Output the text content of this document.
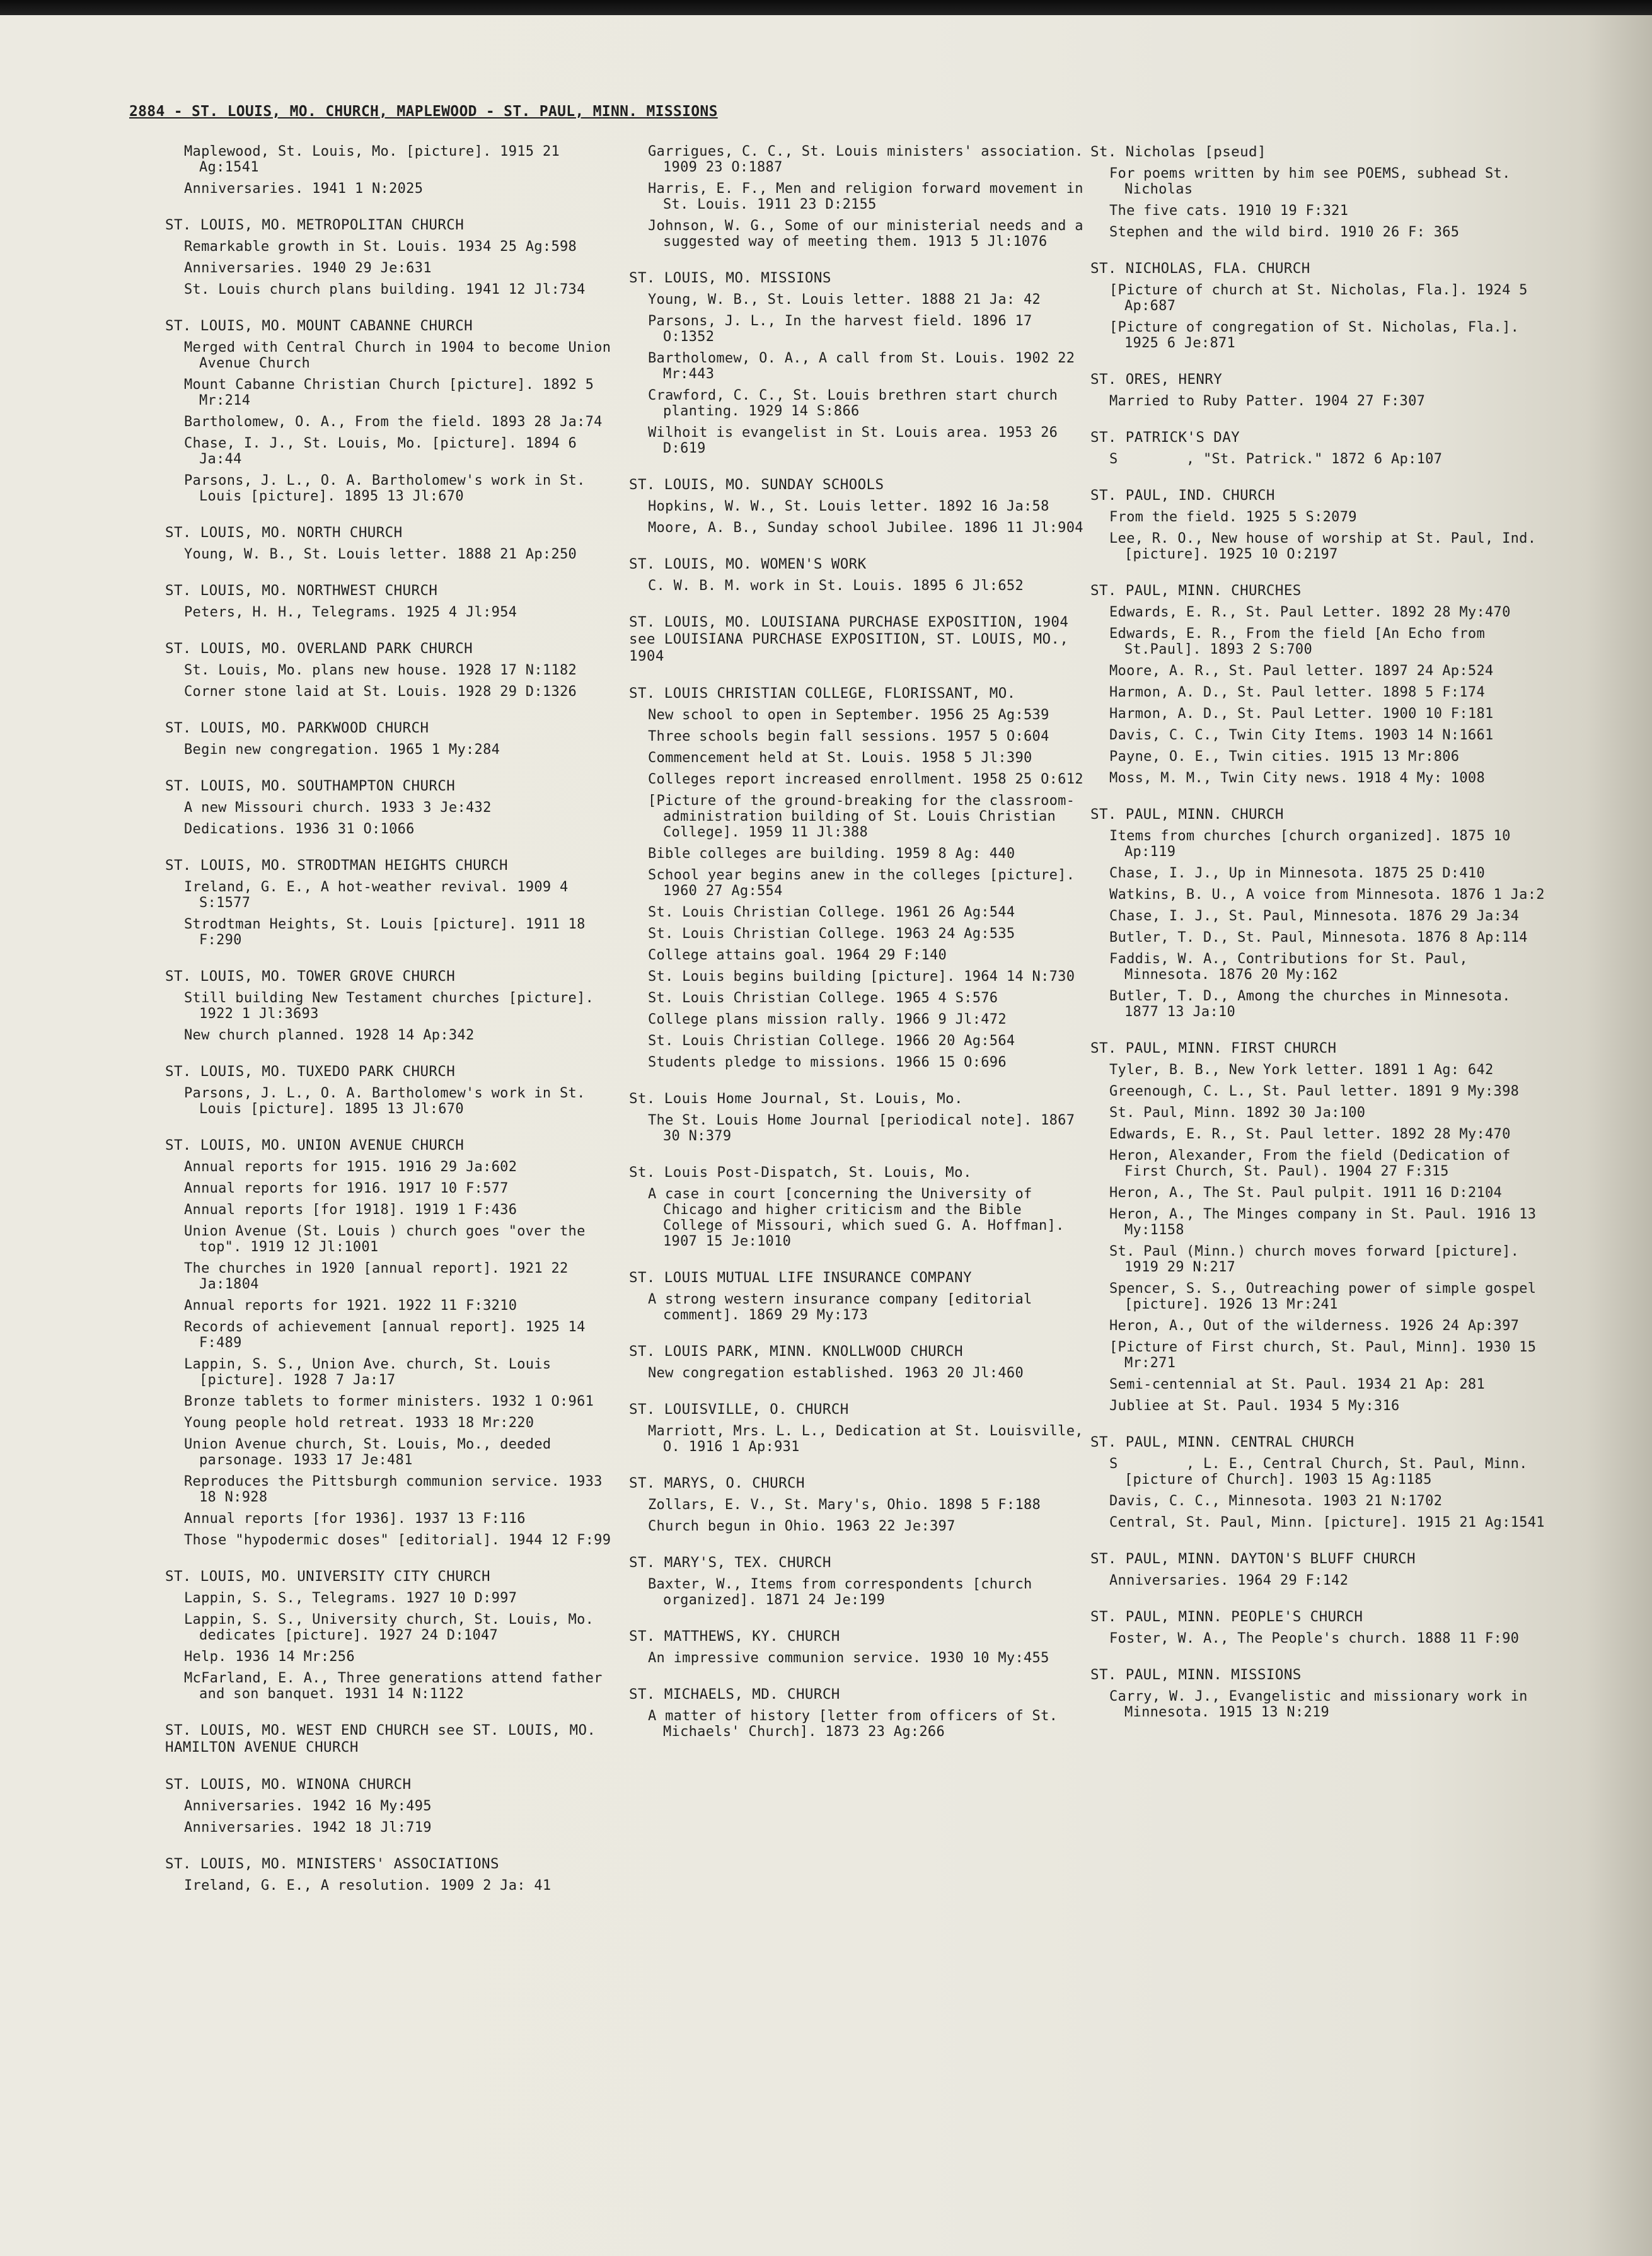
2884 - ST. LOUIS, MO. CHURCH, MAPLEWOOD - ST. PAUL, MINN. MISSIONS
Maplewood, St. Louis, Mo. [picture]. 1915 21 Ag:1541
Anniversaries. 1941 1 N:2025
ST. LOUIS, MO. METROPOLITAN CHURCH
Remarkable growth in St. Louis. 1934 25 Ag:598
Anniversaries. 1940 29 Je:631
St. Louis church plans building. 1941 12 Jl:734
ST. LOUIS, MO. MOUNT CABANNE CHURCH
Merged with Central Church in 1904 to become Union Avenue Church
Mount Cabanne Christian Church [picture]. 1892 5 Mr:214
Bartholomew, O. A., From the field. 1893 28 Ja:74
Chase, I. J., St. Louis, Mo. [picture]. 1894 6 Ja:44
Parsons, J. L., O. A. Bartholomew's work in St. Louis [picture]. 1895 13 Jl:670
ST. LOUIS, MO. NORTH CHURCH
Young, W. B., St. Louis letter. 1888 21 Ap:250
ST. LOUIS, MO. NORTHWEST CHURCH
Peters, H. H., Telegrams. 1925 4 Jl:954
ST. LOUIS, MO. OVERLAND PARK CHURCH
St. Louis, Mo. plans new house. 1928 17 N:1182
Corner stone laid at St. Louis. 1928 29 D:1326
ST. LOUIS, MO. PARKWOOD CHURCH
Begin new congregation. 1965 1 My:284
ST. LOUIS, MO. SOUTHAMPTON CHURCH
A new Missouri church. 1933 3 Je:432
Dedications. 1936 31 O:1066
ST. LOUIS, MO. STRODTMAN HEIGHTS CHURCH
Ireland, G. E., A hot-weather revival. 1909 4 S:1577
Strodtman Heights, St. Louis [picture]. 1911 18 F:290
ST. LOUIS, MO. TOWER GROVE CHURCH
Still building New Testament churches [picture]. 1922 1 Jl:3693
New church planned. 1928 14 Ap:342
ST. LOUIS, MO. TUXEDO PARK CHURCH
Parsons, J. L., O. A. Bartholomew's work in St. Louis [picture]. 1895 13 Jl:670
ST. LOUIS, MO. UNION AVENUE CHURCH
Annual reports for 1915. 1916 29 Ja:602
Annual reports for 1916. 1917 10 F:577
Annual reports [for 1918]. 1919 1 F:436
Union Avenue (St. Louis ) church goes "over the top". 1919 12 Jl:1001
The churches in 1920 [annual report]. 1921 22 Ja:1804
Annual reports for 1921. 1922 11 F:3210
Records of achievement [annual report]. 1925 14 F:489
Lappin, S. S., Union Ave. church, St. Louis [picture]. 1928 7 Ja:17
Bronze tablets to former ministers. 1932 1 O:961
Young people hold retreat. 1933 18 Mr:220
Union Avenue church, St. Louis, Mo., deeded parsonage. 1933 17 Je:481
Reproduces the Pittsburgh communion service. 1933 18 N:928
Annual reports [for 1936]. 1937 13 F:116
Those "hypodermic doses" [editorial]. 1944 12 F:99
ST. LOUIS, MO. UNIVERSITY CITY CHURCH
Lappin, S. S., Telegrams. 1927 10 D:997
Lappin, S. S., University church, St. Louis, Mo. dedicates [picture]. 1927 24 D:1047
Help. 1936 14 Mr:256
McFarland, E. A., Three generations attend father and son banquet. 1931 14 N:1122
ST. LOUIS, MO. WEST END CHURCH see ST. LOUIS, MO. HAMILTON AVENUE CHURCH
ST. LOUIS, MO. WINONA CHURCH
Anniversaries. 1942 16 My:495
Anniversaries. 1942 18 Jl:719
ST. LOUIS, MO. MINISTERS' ASSOCIATIONS
Ireland, G. E., A resolution. 1909 2 Ja: 41
Garrigues, C. C., St. Louis ministers' association. 1909 23 O:1887
Harris, E. F., Men and religion forward movement in St. Louis. 1911 23 D:2155
Johnson, W. G., Some of our ministerial needs and a suggested way of meeting them. 1913 5 Jl:1076
ST. LOUIS, MO. MISSIONS
Young, W. B., St. Louis letter. 1888 21 Ja: 42
Parsons, J. L., In the harvest field. 1896 17 O:1352
Bartholomew, O. A., A call from St. Louis. 1902 22 Mr:443
Crawford, C. C., St. Louis brethren start church planting. 1929 14 S:866
Wilhoit is evangelist in St. Louis area. 1953 26 D:619
ST. LOUIS, MO. SUNDAY SCHOOLS
Hopkins, W. W., St. Louis letter. 1892 16 Ja:58
Moore, A. B., Sunday school Jubilee. 1896 11 Jl:904
ST. LOUIS, MO. WOMEN'S WORK
C. W. B. M. work in St. Louis. 1895 6 Jl:652
ST. LOUIS, MO. LOUISIANA PURCHASE EXPOSITION, 1904 see LOUISIANA PURCHASE EXPOSITION, ST. LOUIS, MO., 1904
ST. LOUIS CHRISTIAN COLLEGE, FLORISSANT, MO.
New school to open in September. 1956 25 Ag:539
Three schools begin fall sessions. 1957 5 O:604
Commencement held at St. Louis. 1958 5 Jl:390
Colleges report increased enrollment. 1958 25 O:612
[Picture of the ground-breaking for the classroom-administration building of St. Louis Christian College]. 1959 11 Jl:388
Bible colleges are building. 1959 8 Ag: 440
School year begins anew in the colleges [picture]. 1960 27 Ag:554
St. Louis Christian College. 1961 26 Ag:544
St. Louis Christian College. 1963 24 Ag:535
College attains goal. 1964 29 F:140
St. Louis begins building [picture]. 1964 14 N:730
St. Louis Christian College. 1965 4 S:576
College plans mission rally. 1966 9 Jl:472
St. Louis Christian College. 1966 20 Ag:564
Students pledge to missions. 1966 15 O:696
St. Louis Home Journal, St. Louis, Mo.
The St. Louis Home Journal [periodical note]. 1867 30 N:379
St. Louis Post-Dispatch, St. Louis, Mo.
A case in court [concerning the University of Chicago and higher criticism and the Bible College of Missouri, which sued G. A. Hoffman]. 1907 15 Je:1010
ST. LOUIS MUTUAL LIFE INSURANCE COMPANY
A strong western insurance company [editorial comment]. 1869 29 My:173
ST. LOUIS PARK, MINN. KNOLLWOOD CHURCH
New congregation established. 1963 20 Jl:460
ST. LOUISVILLE, O. CHURCH
Marriott, Mrs. L. L., Dedication at St. Louisville, O. 1916 1 Ap:931
ST. MARYS, O. CHURCH
Zollars, E. V., St. Mary's, Ohio. 1898 5 F:188
Church begun in Ohio. 1963 22 Je:397
ST. MARY'S, TEX. CHURCH
Baxter, W., Items from correspondents [church organized]. 1871 24 Je:199
ST. MATTHEWS, KY. CHURCH
An impressive communion service. 1930 10 My:455
ST. MICHAELS, MD. CHURCH
A matter of history [letter from officers of St. Michaels' Church]. 1873 23 Ag:266
St. Nicholas [pseud]
For poems written by him see POEMS, subhead St. Nicholas
The five cats. 1910 19 F:321
Stephen and the wild bird. 1910 26 F: 365
ST. NICHOLAS, FLA. CHURCH
[Picture of church at St. Nicholas, Fla.]. 1924 5 Ap:687
[Picture of congregation of St. Nicholas, Fla.]. 1925 6 Je:871
ST. ORES, HENRY
Married to Ruby Patter. 1904 27 F:307
ST. PATRICK'S DAY
S        , "St. Patrick." 1872 6 Ap:107
ST. PAUL, IND. CHURCH
From the field. 1925 5 S:2079
Lee, R. O., New house of worship at St. Paul, Ind. [picture]. 1925 10 O:2197
ST. PAUL, MINN. CHURCHES
Edwards, E. R., St. Paul Letter. 1892 28 My:470
Edwards, E. R., From the field [An Echo from St.Paul]. 1893 2 S:700
Moore, A. R., St. Paul letter. 1897 24 Ap:524
Harmon, A. D., St. Paul letter. 1898 5 F:174
Harmon, A. D., St. Paul Letter. 1900 10 F:181
Davis, C. C., Twin City Items. 1903 14 N:1661
Payne, O. E., Twin cities. 1915 13 Mr:806
Moss, M. M., Twin City news. 1918 4 My: 1008
ST. PAUL, MINN. CHURCH
Items from churches [church organized]. 1875 10 Ap:119
Chase, I. J., Up in Minnesota. 1875 25 D:410
Watkins, B. U., A voice from Minnesota. 1876 1 Ja:2
Chase, I. J., St. Paul, Minnesota. 1876 29 Ja:34
Butler, T. D., St. Paul, Minnesota. 1876 8 Ap:114
Faddis, W. A., Contributions for St. Paul, Minnesota. 1876 20 My:162
Butler, T. D., Among the churches in Minnesota. 1877 13 Ja:10
ST. PAUL, MINN. FIRST CHURCH
Tyler, B. B., New York letter. 1891 1 Ag: 642
Greenough, C. L., St. Paul letter. 1891 9 My:398
St. Paul, Minn. 1892 30 Ja:100
Edwards, E. R., St. Paul letter. 1892 28 My:470
Heron, Alexander, From the field (Dedication of First Church, St. Paul). 1904 27 F:315
Heron, A., The St. Paul pulpit. 1911 16 D:2104
Heron, A., The Minges company in St. Paul. 1916 13 My:1158
St. Paul (Minn.) church moves forward [picture]. 1919 29 N:217
Spencer, S. S., Outreaching power of simple gospel [picture]. 1926 13 Mr:241
Heron, A., Out of the wilderness. 1926 24 Ap:397
[Picture of First church, St. Paul, Minn]. 1930 15 Mr:271
Semi-centennial at St. Paul. 1934 21 Ap: 281
Jubliee at St. Paul. 1934 5 My:316
ST. PAUL, MINN. CENTRAL CHURCH
S        , L. E., Central Church, St. Paul, Minn. [picture of Church]. 1903 15 Ag:1185
Davis, C. C., Minnesota. 1903 21 N:1702
Central, St. Paul, Minn. [picture]. 1915 21 Ag:1541
ST. PAUL, MINN. DAYTON'S BLUFF CHURCH
Anniversaries. 1964 29 F:142
ST. PAUL, MINN. PEOPLE'S CHURCH
Foster, W. A., The People's church. 1888 11 F:90
ST. PAUL, MINN. MISSIONS
Carry, W. J., Evangelistic and missionary work in Minnesota. 1915 13 N:219
